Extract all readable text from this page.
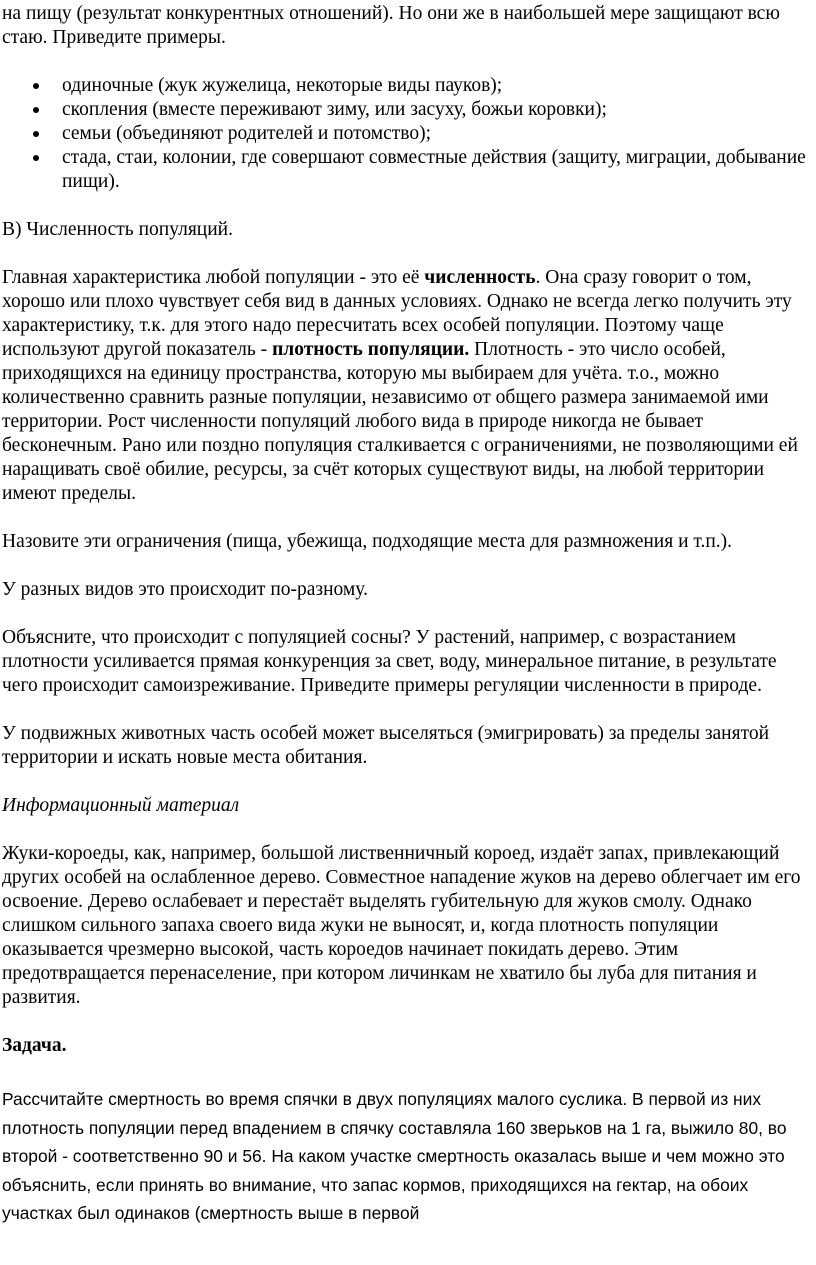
на пищу (результат конкурентных отношений). Но они же в наибольшей мере защищают всю стаю. Приведите примеры.

одиночные (жук жужелица, некоторые виды пауков);
скопления (вместе переживают зиму, или засуху, божьи коровки);
семьи (объединяют родителей и потомство);
стада, стаи, колонии, где совершают совместные действия (защиту, миграции, добывание пищи).

В) Численность популяций.

Главная характеристика любой популяции - это её численность. Она сразу говорит о том, хорошо или плохо чувствует себя вид в данных условиях. Однако не всегда легко получить эту характеристику, т.к. для этого надо пересчитать всех особей популяции. Поэтому чаще используют другой показатель - плотность популяции. Плотность - это число особей, приходящихся на единицу пространства, которую мы выбираем для учёта. т.о., можно количественно сравнить разные популяции, независимо от общего размера занимаемой ими территории. Рост численности популяций любого вида в природе никогда не бывает бесконечным. Рано или поздно популяция сталкивается с ограничениями, не позволяющими ей наращивать своё обилие, ресурсы, за счёт которых существуют виды, на любой территории имеют пределы.

Назовите эти ограничения (пища, убежища, подходящие места для размножения и т.п.).

У разных видов это происходит по-разному.

Объясните, что происходит с популяцией сосны? У растений, например, с возрастанием плотности усиливается прямая конкуренция за свет, воду, минеральное питание, в результате чего происходит самоизреживание. Приведите примеры регуляции численности в природе.

У подвижных животных часть особей может выселяться (эмигрировать) за пределы занятой территории и искать новые места обитания.

Информационный материал

Жуки-короеды, как, например, большой лиственничный короед, издаёт запах, привлекающий других особей на ослабленное дерево. Совместное нападение жуков на дерево облегчает им его освоение. Дерево ослабевает и перестаёт выделять губительную для жуков смолу. Однако слишком сильного запаха своего вида жуки не выносят, и, когда плотность популяции оказывается чрезмерно высокой, часть короедов начинает покидать дерево. Этим предотвращается перенаселение, при котором личинкам не хватило бы луба для питания и развития.

Задача.

Рассчитайте смертность во время спячки в двух популяциях малого суслика. В первой из них плотность популяции перед впадением в спячку составляла 160 зверьков на 1 га, выжило 80, во второй - соответственно 90 и 56. На каком участке смертность оказалась выше и чем можно это объяснить, если принять во внимание, что запас кормов, приходящихся на гектар, на обоих участках был одинаков (смертность выше в первой
